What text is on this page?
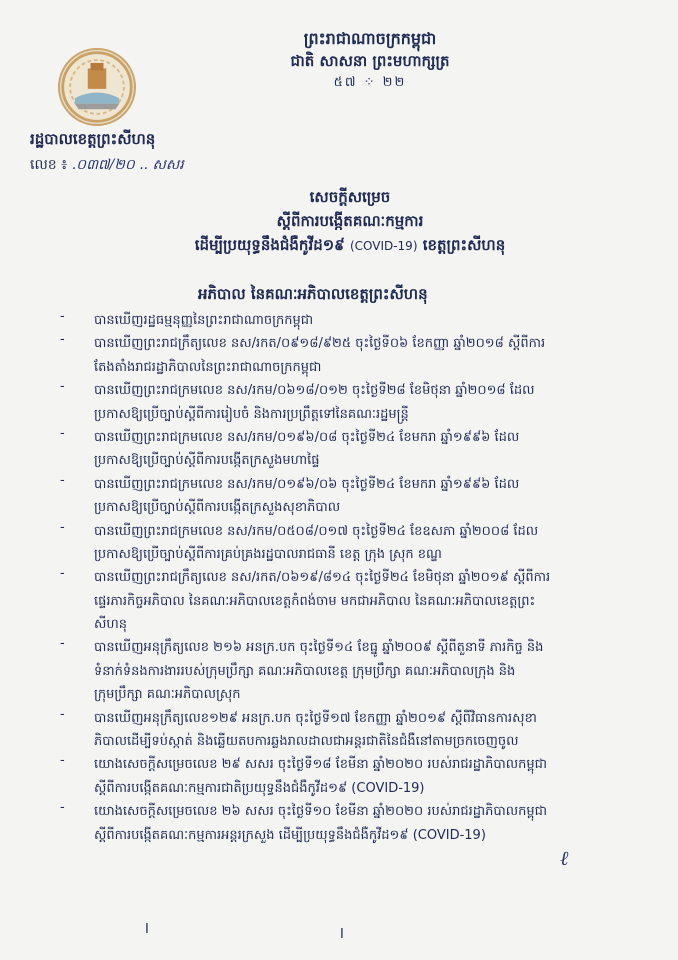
ព្រះរាជាណាចក្រកម្ពុជា
ជាតិ សាសនា ព្រះមហាក្សត្រ
៥៧ ⁘ ២២
រដ្ឋបាលខេត្តព្រះសីហនុ
លេខ ៖ .០៣៧/២០ .. សសរ
សេចក្តីសម្រេច
ស្តីពីការបង្កើតគណៈកម្មការ
ដើម្បីប្រយុទ្ធនឹងជំងឺកូវីដ១៩ (COVID-19) ខេត្តព្រះសីហនុ
អភិបាល នៃគណៈអភិបាលខេត្តព្រះសីហនុ
- បានឃើញរដ្ឋធម្មនុញ្ញនៃព្រះរាជាណាចក្រកម្ពុជា
- បានឃើញព្រះរាជក្រឹត្យលេខ នស/រកត/០៩១៨/៩២៥ ចុះថ្ងៃទី០៦ ខែកញ្ញា ឆ្នាំ២០១៨ ស្តីពីការ
តែងតាំងរាជរដ្ឋាភិបាលនៃព្រះរាជាណាចក្រកម្ពុជា
- បានឃើញព្រះរាជក្រមលេខ នស/រកម/០៦១៨/០១២ ចុះថ្ងៃទី២៨ ខែមិថុនា ឆ្នាំ២០១៨ ដែល
ប្រកាសឱ្យប្រើច្បាប់ស្តីពីការរៀបចំ និងការប្រព្រឹត្តទៅនៃគណៈរដ្ឋមន្ត្រី
- បានឃើញព្រះរាជក្រមលេខ នស/រកម/០១៩៦/០៨ ចុះថ្ងៃទី២៤ ខែមករា ឆ្នាំ១៩៩៦ ដែល
ប្រកាសឱ្យប្រើច្បាប់ស្តីពីការបង្កើតក្រសួងមហាផ្ទៃ
- បានឃើញព្រះរាជក្រមលេខ នស/រកម/០១៩៦/០៦ ចុះថ្ងៃទី២៤ ខែមករា ឆ្នាំ១៩៩៦ ដែល
ប្រកាសឱ្យប្រើច្បាប់ស្តីពីការបង្កើតក្រសួងសុខាភិបាល
- បានឃើញព្រះរាជក្រមលេខ នស/រកម/០៥០៨/០១៧ ចុះថ្ងៃទី២៤ ខែឧសភា ឆ្នាំ២០០៨ ដែល
ប្រកាសឱ្យប្រើច្បាប់ស្តីពីការគ្រប់គ្រងរដ្ឋបាលរាជធានី ខេត្ត ក្រុង ស្រុក ខណ្ឌ
- បានឃើញព្រះរាជក្រឹត្យលេខ នស/រកត/០៦១៩/៨១៤ ចុះថ្ងៃទី២៤ ខែមិថុនា ឆ្នាំ២០១៩ ស្តីពីការ
ផ្ទេរភារកិច្ចអភិបាល នៃគណៈអភិបាលខេត្តកំពង់ចាម មកជាអភិបាល នៃគណៈអភិបាលខេត្តព្រះ
សីហនុ
- បានឃើញអនុក្រឹត្យលេខ ២១៦ អនក្រ.បក ចុះថ្ងៃទី១៤ ខែធ្នូ ឆ្នាំ២០០៩ ស្តីពីតួនាទី ភារកិច្ច និង
ទំនាក់ទំនងការងាររបស់ក្រុមប្រឹក្សា គណៈអភិបាលខេត្ត ក្រុមប្រឹក្សា គណៈអភិបាលក្រុង និង
ក្រុមប្រឹក្សា គណៈអភិបាលស្រុក
- បានឃើញអនុក្រឹត្យលេខ១២៩ អនក្រ.បក ចុះថ្ងៃទី១៧ ខែកញ្ញា ឆ្នាំ២០១៩ ស្តីពីវិធានការសុខា
ភិបាលដើម្បីទប់ស្កាត់ និងឆ្លើយតបការឆ្លងរាលដាលជាអន្តរជាតិនៃជំងឺនៅតាមច្រកចេញចូល
- យោងសេចក្តីសម្រេចលេខ ២៩ សសរ ចុះថ្ងៃទី១៨ ខែមីនា ឆ្នាំ២០២០ របស់រាជរដ្ឋាភិបាលកម្ពុជា
ស្តីពីការបង្កើតគណៈកម្មការជាតិប្រយុទ្ធនឹងជំងឺកូវីដ១៩ (COVID-19)
- យោងសេចក្តីសម្រេចលេខ ២៦ សសរ ចុះថ្ងៃទី១០ ខែមីនា ឆ្នាំ២០២០ របស់រាជរដ្ឋាភិបាលកម្ពុជា
ស្តីពីការបង្កើតគណៈកម្មការអន្តរក្រសួង ដើម្បីប្រយុទ្ធនឹងជំងឺកូវីដ១៩ (COVID-19)
ℓ
I	I
